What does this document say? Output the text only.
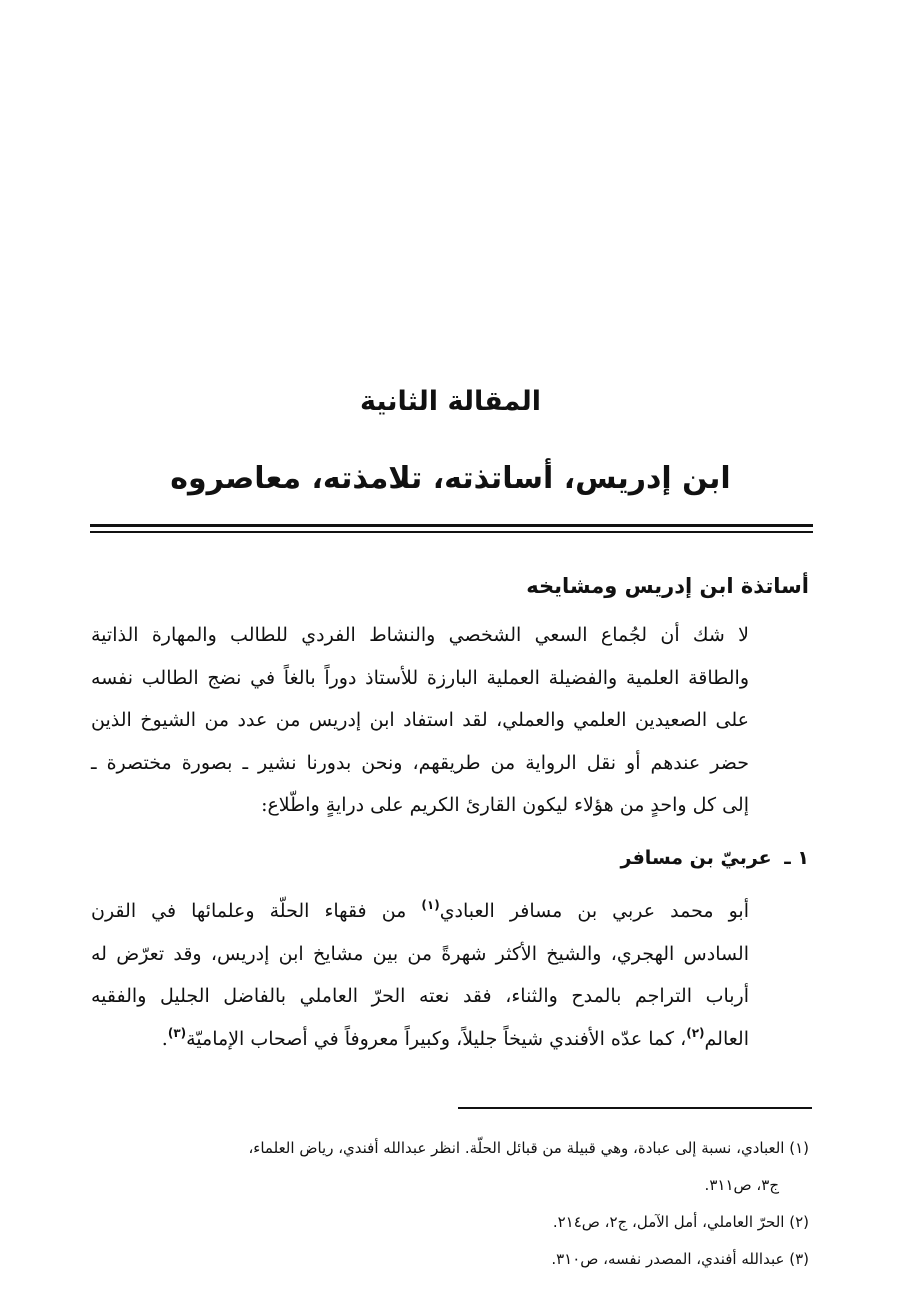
المقالة الثانية
ابن إدريس، أساتذته، تلامذته، معاصروه
أساتذة ابن إدريس ومشايخه

لا شك أن لجُماع السعي الشخصي والنشاط الفردي للطالب والمهارة الذاتية
والطاقة العلمية والفضيلة العملية البارزة للأستاذ دوراً بالغاً في نضج الطالب نفسه
على الصعيدين العلمي والعملي، لقد استفاد ابن إدريس من عدد من الشيوخ الذين
حضر عندهم أو نقل الرواية من طريقهم، ونحن بدورنا نشير ـ بصورة مختصرة ـ
إلى كل واحدٍ من هؤلاء ليكون القارئ الكريم على درايةٍ واطّلاع:

١ ـ عربيّ بن مسافر

أبو محمد عربي بن مسافر العبادي$^{(١)}$ من فقهاء الحلّة وعلمائها في القرن
السادس الهجري، والشيخ الأكثر شهرةً من بين مشايخ ابن إدريس، وقد تعرّض له
أرباب التراجم بالمدح والثناء، فقد نعته الحرّ العاملي بالفاضل الجليل والفقيه
العالم$^{(٢)}$، كما عدّه الأفندي شيخاً جليلاً، وكبيراً معروفاً في أصحاب الإماميّة$^{(٣)}$.

(١) العبادي، نسبة إلى عبادة، وهي قبيلة من قبائل الحلّة. انظر عبدالله أفندي، رياض العلماء،
ج٣، ص٣١١.

(٢) الحرّ العاملي، أمل الآمل، ج٢، ص٢١٤.

(٣) عبدالله أفندي، المصدر نفسه، ص٣١٠.
